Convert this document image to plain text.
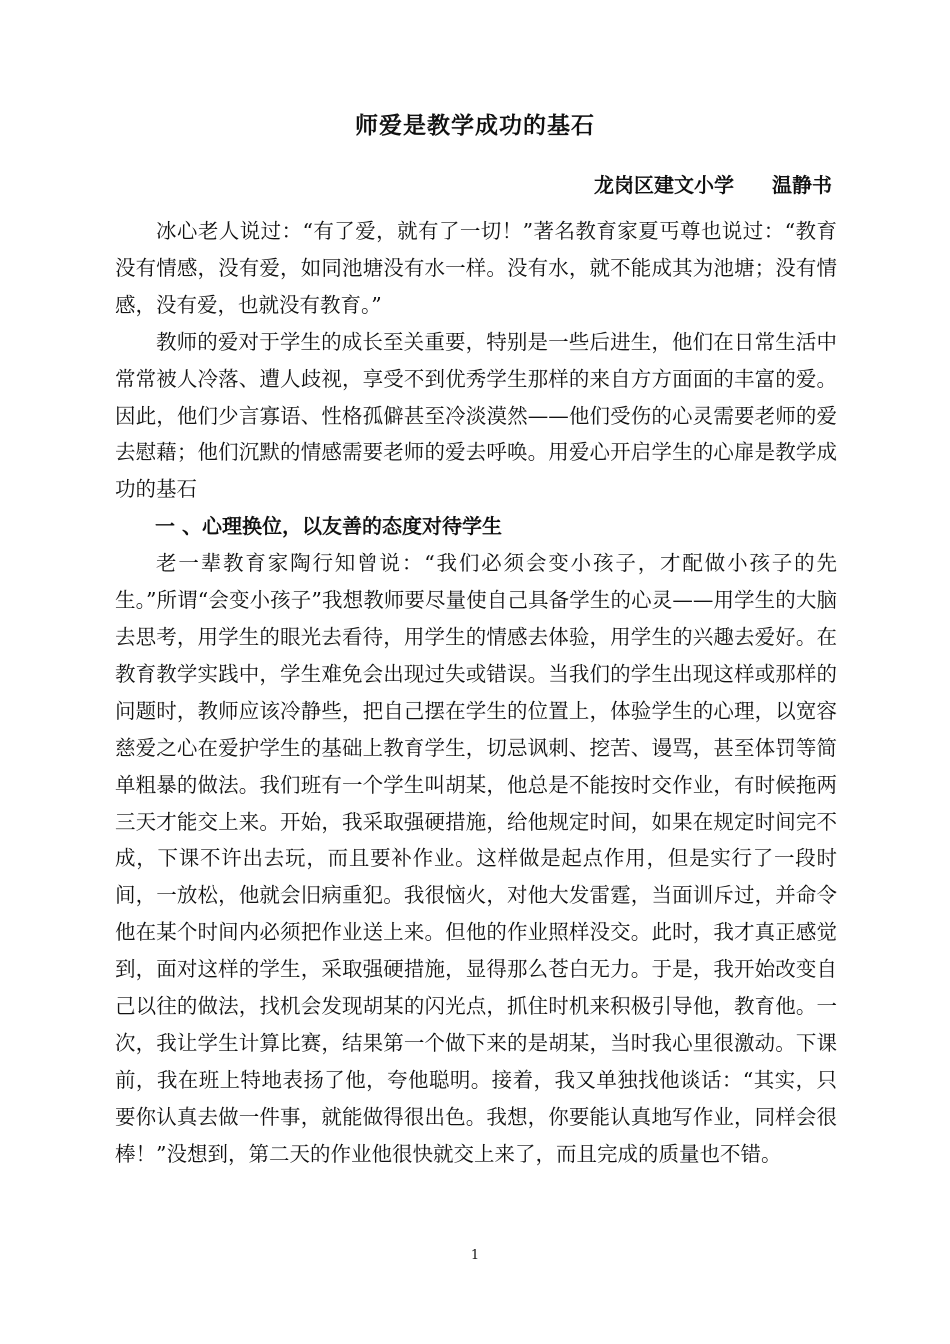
师爱是教学成功的基石
龙岗区建文小学 温静书

冰心老人说过：“有了爱，就有了一切！”著名教育家夏丐尊也说过：“教育没有情感，没有爱，如同池塘没有水一样。没有水，就不能成其为池塘；没有情感，没有爱，也就没有教育。”

教师的爱对于学生的成长至关重要，特别是一些后进生，他们在日常生活中常常被人冷落、遭人歧视，享受不到优秀学生那样的来自方方面面的丰富的爱。因此，他们少言寡语、性格孤僻甚至冷淡漠然——他们受伤的心灵需要老师的爱去慰藉；他们沉默的情感需要老师的爱去呼唤。用爱心开启学生的心扉是教学成功的基石

一 、心理换位，以友善的态度对待学生

老一辈教育家陶行知曾说：“我们必须会变小孩子，才配做小孩子的先生。”所谓“会变小孩子”我想教师要尽量使自己具备学生的心灵——用学生的大脑去思考，用学生的眼光去看待，用学生的情感去体验，用学生的兴趣去爱好。在教育教学实践中，学生难免会出现过失或错误。当我们的学生出现这样或那样的问题时，教师应该冷静些，把自己摆在学生的位置上，体验学生的心理，以宽容慈爱之心在爱护学生的基础上教育学生，切忌讽刺、挖苦、谩骂，甚至体罚等简单粗暴的做法。我们班有一个学生叫胡某，他总是不能按时交作业，有时候拖两三天才能交上来。开始，我采取强硬措施，给他规定时间，如果在规定时间完不成，下课不许出去玩，而且要补作业。这样做是起点作用，但是实行了一段时间，一放松，他就会旧病重犯。我很恼火，对他大发雷霆，当面训斥过，并命令他在某个时间内必须把作业送上来。但他的作业照样没交。此时，我才真正感觉到，面对这样的学生，采取强硬措施，显得那么苍白无力。于是，我开始改变自己以往的做法，找机会发现胡某的闪光点，抓住时机来积极引导他，教育他。一次，我让学生计算比赛，结果第一个做下来的是胡某，当时我心里很激动。下课前，我在班上特地表扬了他，夸他聪明。接着，我又单独找他谈话：“其实，只要你认真去做一件事，就能做得很出色。我想，你要能认真地写作业，同样会很棒！”没想到，第二天的作业他很快就交上来了，而且完成的质量也不错。

1
